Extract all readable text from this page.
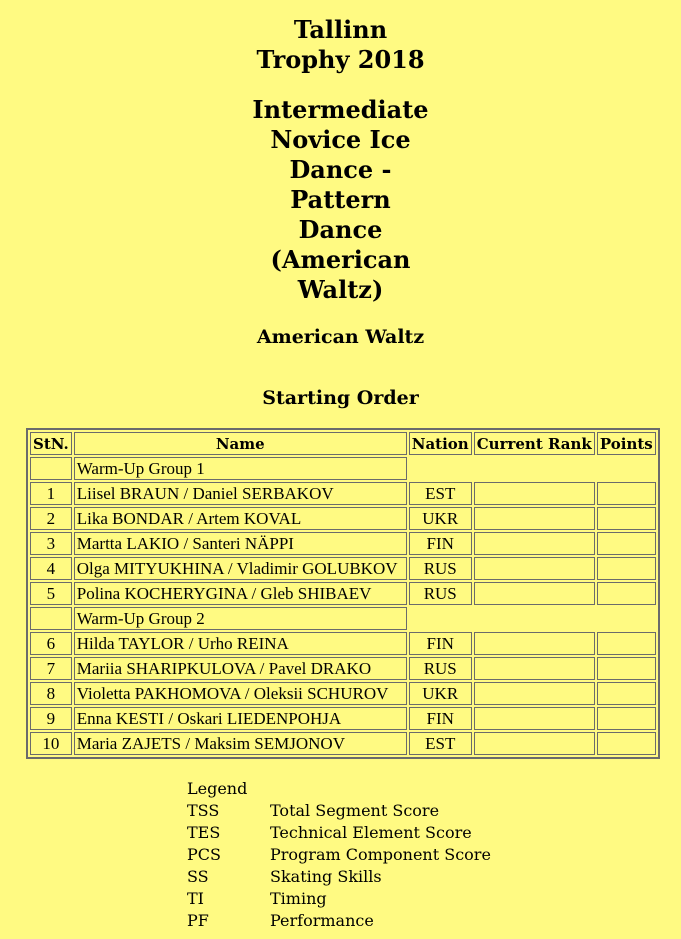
Tallinn
Trophy 2018
Intermediate
Novice Ice
Dance -
Pattern
Dance
(American
Waltz)
American Waltz
Starting Order
StN.	Name	Nation	Current Rank	Points
	Warm-Up Group 1			
1	Liisel BRAUN / Daniel SERBAKOV	EST		
2	Lika BONDAR / Artem KOVAL	UKR		
3	Martta LAKIO / Santeri NÄPPI	FIN		
4	Olga MITYUKHINA / Vladimir GOLUBKOV	RUS		
5	Polina KOCHERYGINA / Gleb SHIBAEV	RUS		
	Warm-Up Group 2			
6	Hilda TAYLOR / Urho REINA	FIN		
7	Mariia SHARIPKULOVA / Pavel DRAKO	RUS		
8	Violetta PAKHOMOVA / Oleksii SCHUROV	UKR		
9	Enna KESTI / Oskari LIEDENPOHJA	FIN		
10	Maria ZAJETS / Maksim SEMJONOV	EST		
Legend
TSS	Total Segment Score
TES	Technical Element Score
PCS	Program Component Score
SS	Skating Skills
TI	Timing
PF	Performance
